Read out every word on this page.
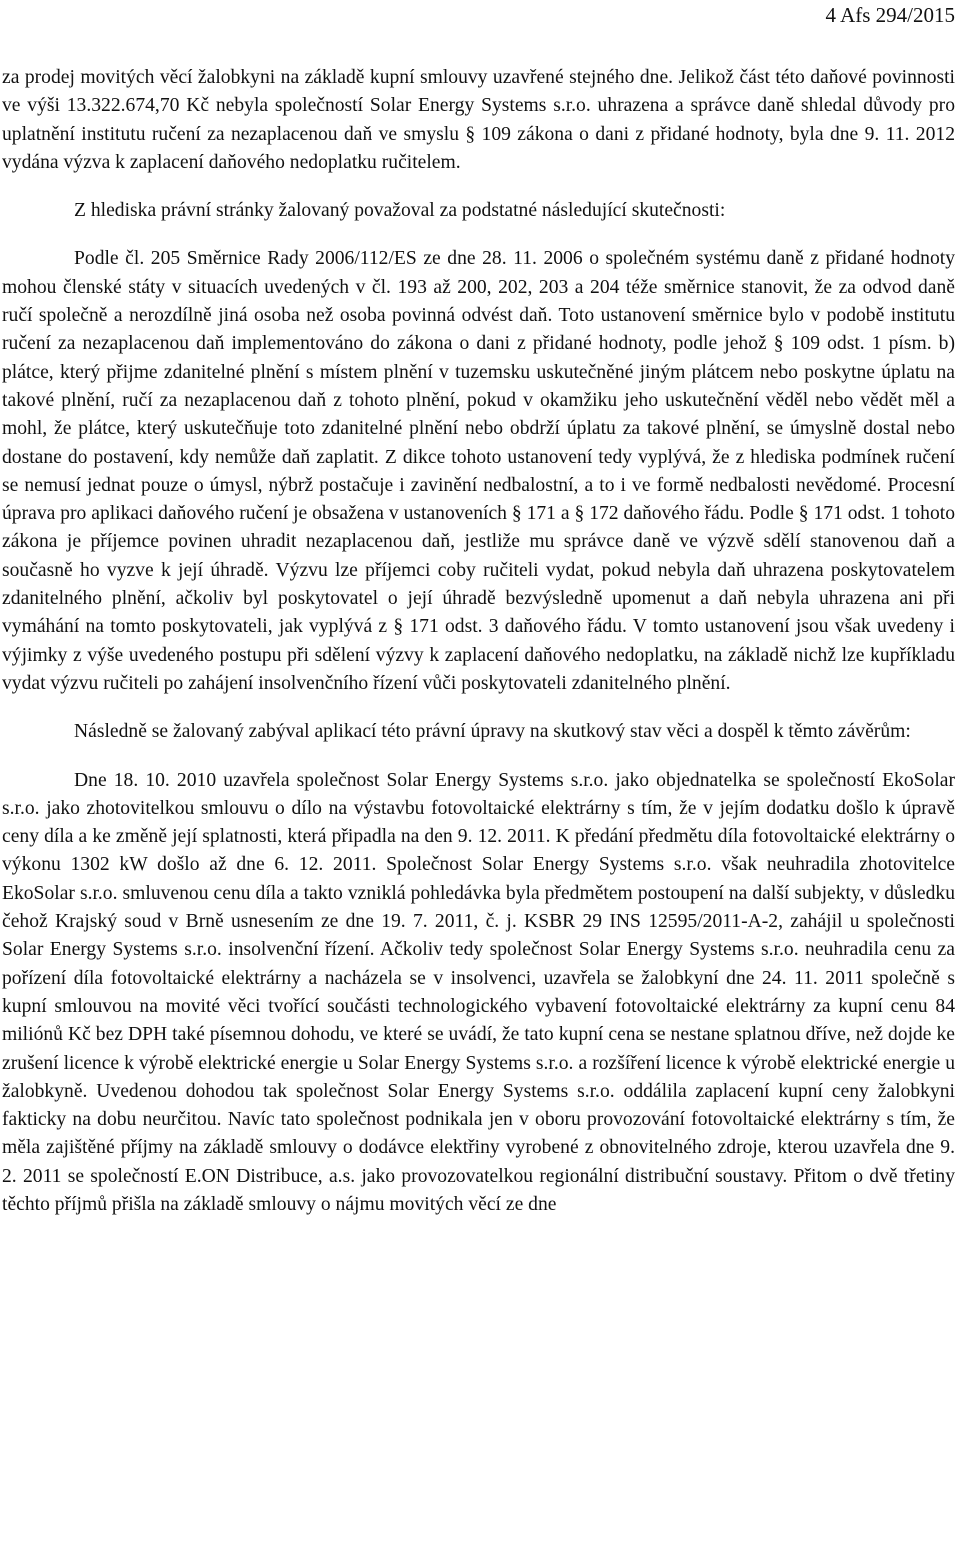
4 Afs 294/2015

za prodej movitých věcí žalobkyni na základě kupní smlouvy uzavřené stejného dne. Jelikož část této daňové povinnosti ve výši 13.322.674,70 Kč nebyla společností Solar Energy Systems s.r.o. uhrazena a správce daně shledal důvody pro uplatnění institutu ručení za nezaplacenou daň ve smyslu § 109 zákona o dani z přidané hodnoty, byla dne 9. 11. 2012 vydána výzva k zaplacení daňového nedoplatku ručitelem.

Z hlediska právní stránky žalovaný považoval za podstatné následující skutečnosti:

Podle čl. 205 Směrnice Rady 2006/112/ES ze dne 28. 11. 2006 o společném systému daně z přidané hodnoty mohou členské státy v situacích uvedených v čl. 193 až 200, 202, 203 a 204 téže směrnice stanovit, že za odvod daně ručí společně a nerozdílně jiná osoba než osoba povinná odvést daň. Toto ustanovení směrnice bylo v podobě institutu ručení za nezaplacenou daň implementováno do zákona o dani z přidané hodnoty, podle jehož § 109 odst. 1 písm. b) plátce, který přijme zdanitelné plnění s místem plnění v tuzemsku uskutečněné jiným plátcem nebo poskytne úplatu na takové plnění, ručí za nezaplacenou daň z tohoto plnění, pokud v okamžiku jeho uskutečnění věděl nebo vědět měl a mohl, že plátce, který uskutečňuje toto zdanitelné plnění nebo obdrží úplatu za takové plnění, se úmyslně dostal nebo dostane do postavení, kdy nemůže daň zaplatit. Z dikce tohoto ustanovení tedy vyplývá, že z hlediska podmínek ručení se nemusí jednat pouze o úmysl, nýbrž postačuje i zavinění nedbalostní, a to i ve formě nedbalosti nevědomé. Procesní úprava pro aplikaci daňového ručení je obsažena v ustanoveních § 171 a § 172 daňového řádu. Podle § 171 odst. 1 tohoto zákona je příjemce povinen uhradit nezaplacenou daň, jestliže mu správce daně ve výzvě sdělí stanovenou daň a současně ho vyzve k její úhradě. Výzvu lze příjemci coby ručiteli vydat, pokud nebyla daň uhrazena poskytovatelem zdanitelného plnění, ačkoliv byl poskytovatel o její úhradě bezvýsledně upomenut a daň nebyla uhrazena ani při vymáhání na tomto poskytovateli, jak vyplývá z § 171 odst. 3 daňového řádu. V tomto ustanovení jsou však uvedeny i výjimky z výše uvedeného postupu při sdělení výzvy k zaplacení daňového nedoplatku, na základě nichž lze kupříkladu vydat výzvu ručiteli po zahájení insolvenčního řízení vůči poskytovateli zdanitelného plnění.

Následně se žalovaný zabýval aplikací této právní úpravy na skutkový stav věci a dospěl k těmto závěrům:

Dne 18. 10. 2010 uzavřela společnost Solar Energy Systems s.r.o. jako objednatelka se společností EkoSolar s.r.o. jako zhotovitelkou smlouvu o dílo na výstavbu fotovoltaické elektrárny s tím, že v jejím dodatku došlo k úpravě ceny díla a ke změně její splatnosti, která připadla na den 9. 12. 2011. K předání předmětu díla fotovoltaické elektrárny o výkonu 1302 kW došlo až dne 6. 12. 2011. Společnost Solar Energy Systems s.r.o. však neuhradila zhotovitelce EkoSolar s.r.o. smluvenou cenu díla a takto vzniklá pohledávka byla předmětem postoupení na další subjekty, v důsledku čehož Krajský soud v Brně usnesením ze dne 19. 7. 2011, č. j. KSBR 29 INS 12595/2011-A-2, zahájil u společnosti Solar Energy Systems s.r.o. insolvenční řízení. Ačkoliv tedy společnost Solar Energy Systems s.r.o. neuhradila cenu za pořízení díla fotovoltaické elektrárny a nacházela se v insolvenci, uzavřela se žalobkyní dne 24. 11. 2011 společně s kupní smlouvou na movité věci tvořící součásti technologického vybavení fotovoltaické elektrárny za kupní cenu 84 miliónů Kč bez DPH také písemnou dohodu, ve které se uvádí, že tato kupní cena se nestane splatnou dříve, než dojde ke zrušení licence k výrobě elektrické energie u Solar Energy Systems s.r.o. a rozšíření licence k výrobě elektrické energie u žalobkyně. Uvedenou dohodou tak společnost Solar Energy Systems s.r.o. oddálila zaplacení kupní ceny žalobkyni fakticky na dobu neurčitou. Navíc tato společnost podnikala jen v oboru provozování fotovoltaické elektrárny s tím, že měla zajištěné příjmy na základě smlouvy o dodávce elektřiny vyrobené z obnovitelného zdroje, kterou uzavřela dne 9. 2. 2011 se společností E.ON Distribuce, a.s. jako provozovatelkou regionální distribuční soustavy. Přitom o dvě třetiny těchto příjmů přišla na základě smlouvy o nájmu movitých věcí ze dne
